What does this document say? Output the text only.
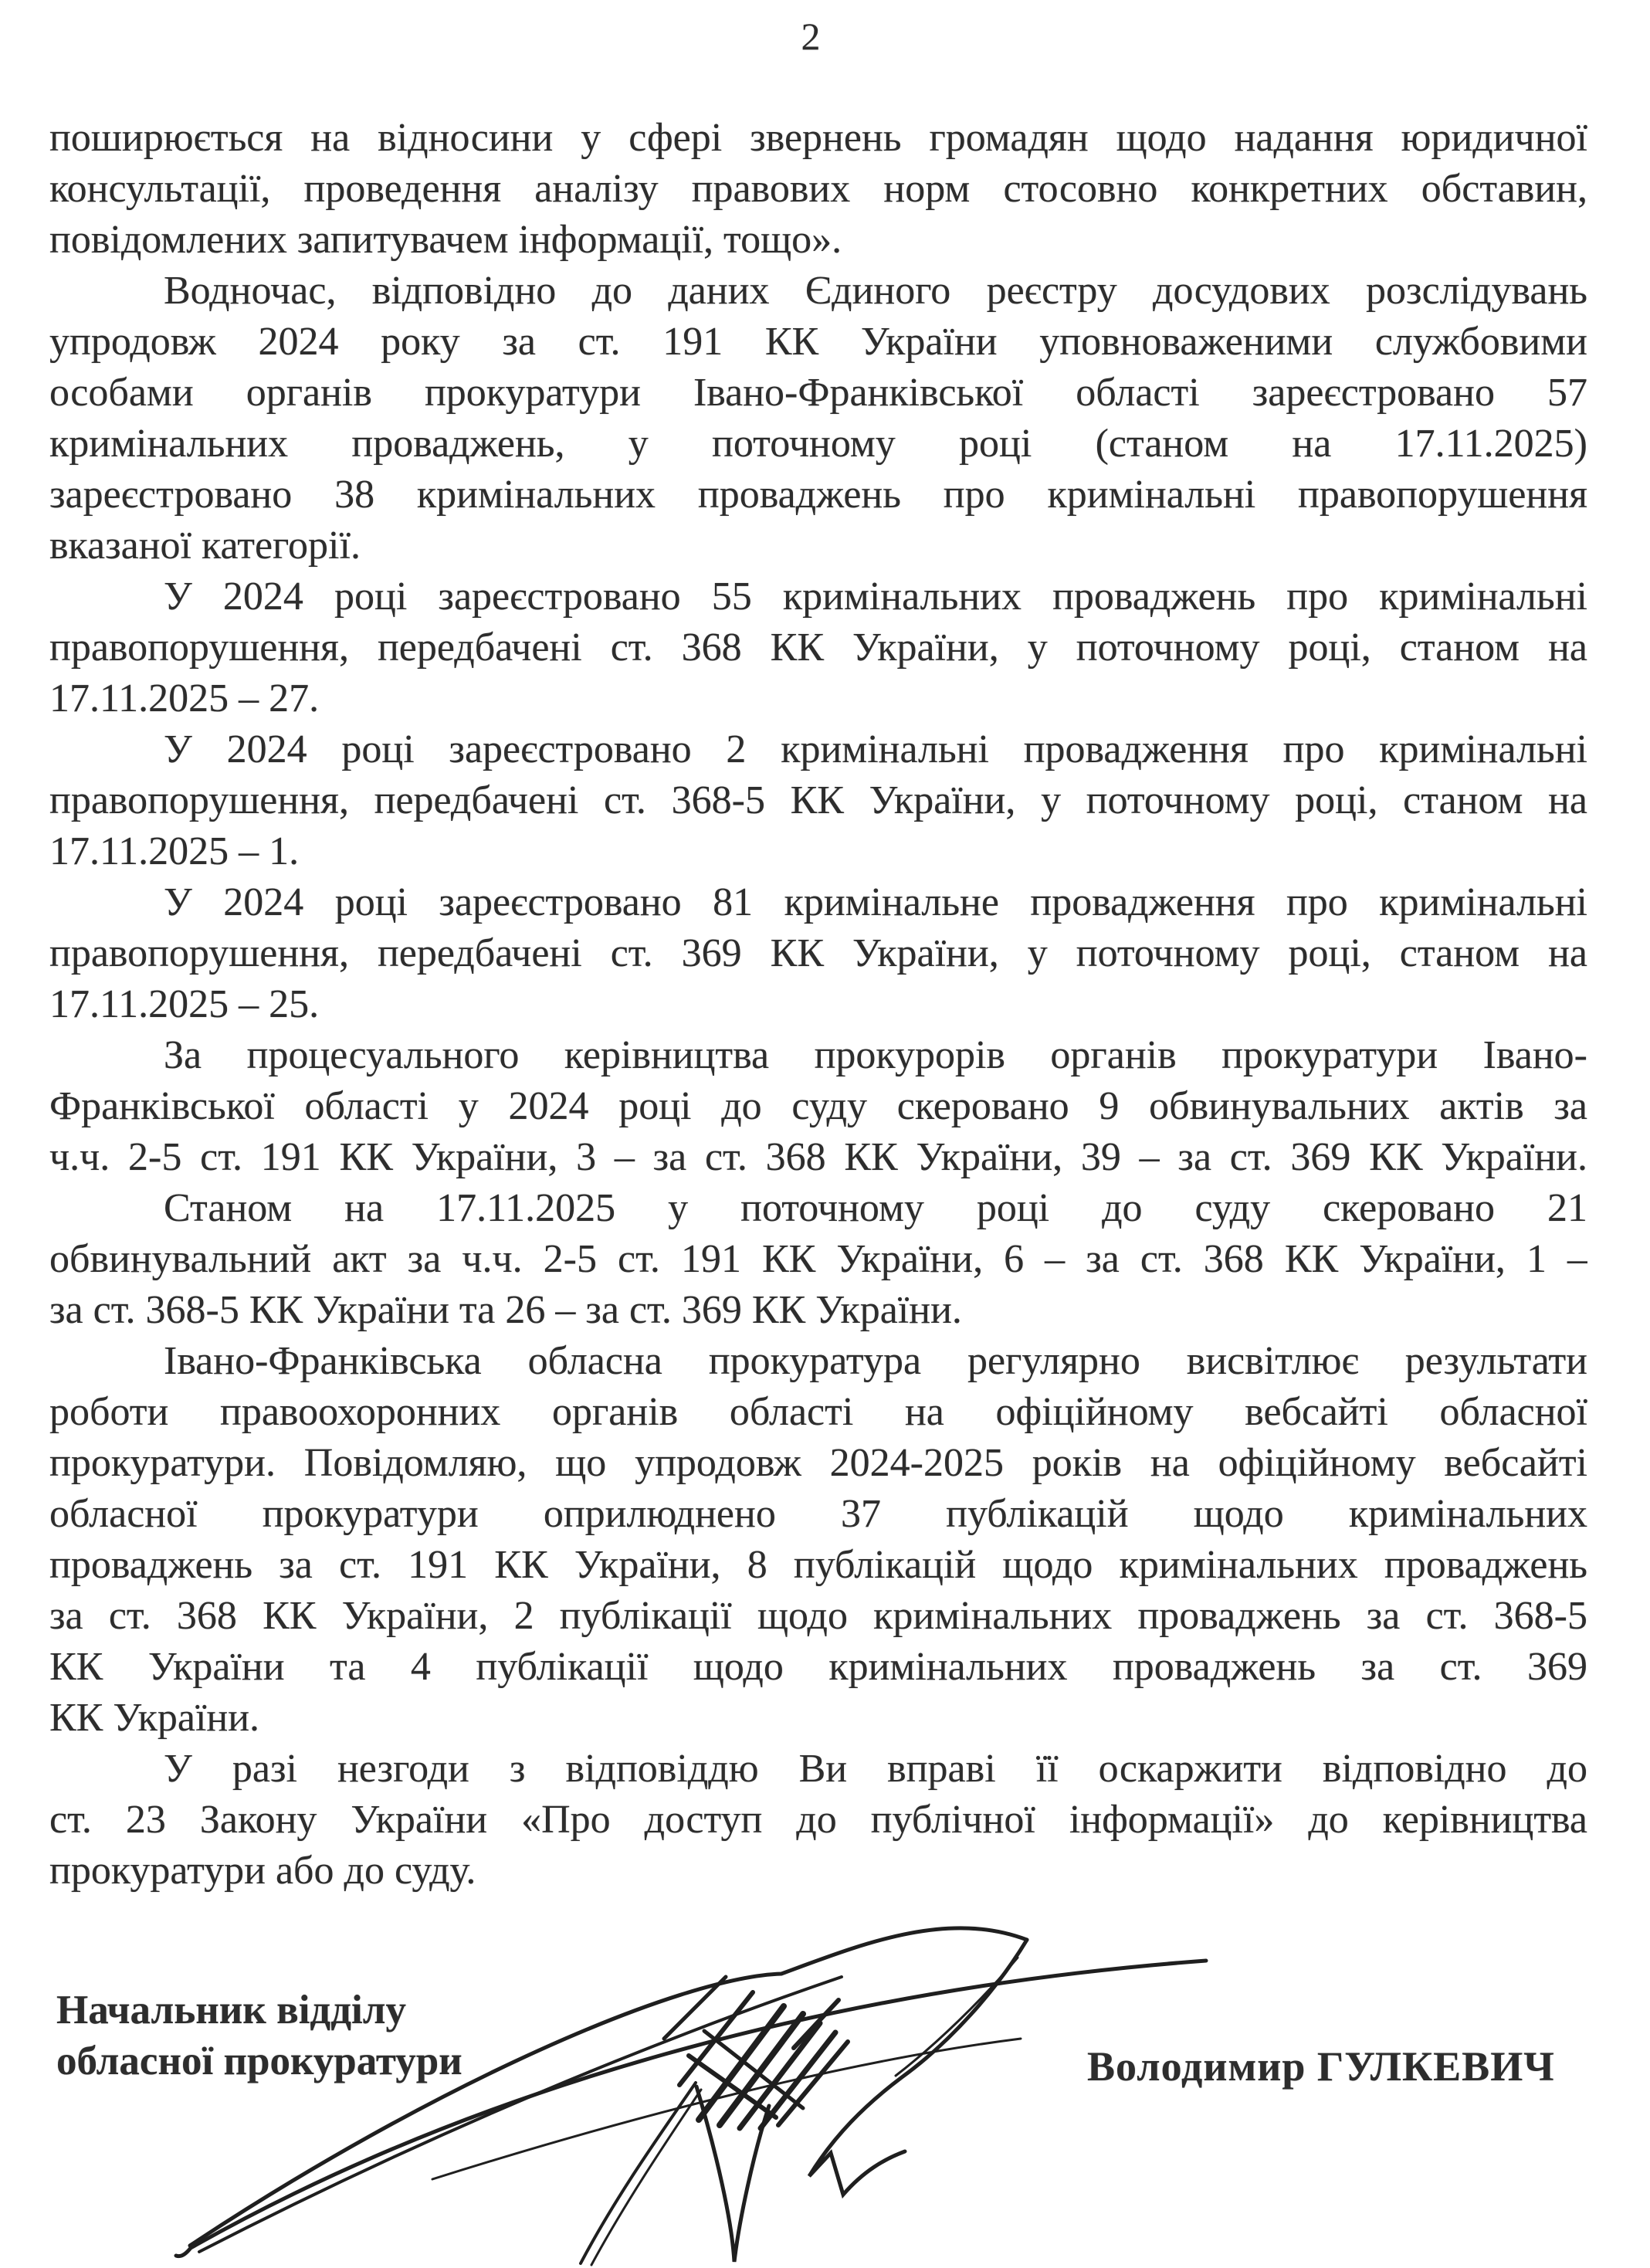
2
поширюється на відносини у сфері звернень громадян щодо надання юридичної
консультації, проведення аналізу правових норм стосовно конкретних обставин,
повідомлених запитувачем інформації, тощо».
Водночас, відповідно до даних Єдиного реєстру досудових розслідувань
упродовж 2024 року за ст. 191 КК України уповноваженими службовими
особами органів прокуратури Івано-Франківської області зареєстровано 57
кримінальних проваджень, у поточному році (станом на 17.11.2025)
зареєстровано 38 кримінальних проваджень про кримінальні правопорушення
вказаної категорії.
У 2024 році зареєстровано 55 кримінальних проваджень про кримінальні
правопорушення, передбачені ст. 368 КК України, у поточному році, станом на
17.11.2025 – 27.
У 2024 році зареєстровано 2 кримінальні провадження про кримінальні
правопорушення, передбачені ст. 368-5 КК України, у поточному році, станом на
17.11.2025 – 1.
У 2024 році зареєстровано 81 кримінальне провадження про кримінальні
правопорушення, передбачені ст. 369 КК України, у поточному році, станом на
17.11.2025 – 25.
За процесуального керівництва прокурорів органів прокуратури Івано-
Франківської області у 2024 році до суду скеровано 9 обвинувальних актів за
ч.ч. 2-5 ст. 191 КК України, 3 – за ст. 368 КК України, 39 – за ст. 369 КК України.
Станом на 17.11.2025 у поточному році до суду скеровано 21
обвинувальний акт за ч.ч. 2-5 ст. 191 КК України, 6 – за ст. 368 КК України, 1 –
за ст. 368-5 КК України та 26 – за ст. 369 КК України.
Івано-Франківська обласна прокуратура регулярно висвітлює результати
роботи правоохоронних органів області на офіційному вебсайті обласної
прокуратури. Повідомляю, що упродовж 2024-2025 років на офіційному вебсайті
обласної прокуратури оприлюднено 37 публікацій щодо кримінальних
проваджень за ст. 191 КК України, 8 публікацій щодо кримінальних проваджень
за ст. 368 КК України, 2 публікації щодо кримінальних проваджень за ст. 368-5
КК України та 4 публікації щодо кримінальних проваджень за ст. 369
КК України.
У разі незгоди з відповіддю Ви вправі її оскаржити відповідно до
ст. 23 Закону України «Про доступ до публічної інформації» до керівництва
прокуратури або до суду.
Начальник відділу
обласної прокуратури	Володимир ГУЛКЕВИЧ
